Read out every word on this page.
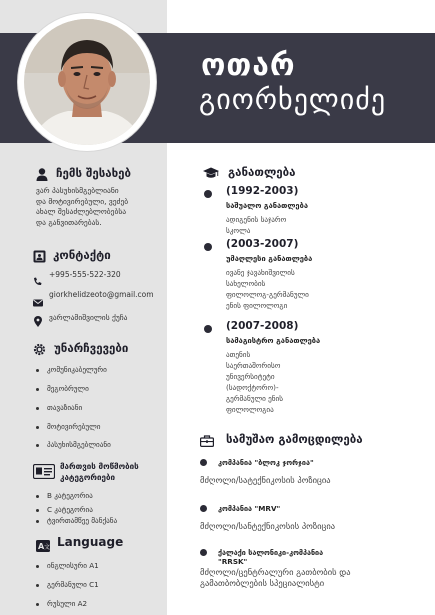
ოთარ
გიორხელიძე
ჩემს შესახებ
ვარ პასუხისმგებლიანი
და მოტივირებული, ვეძებ
ახალ შესაძლებლობებსა
და განვითარებას.
კონტაქტი
+995-555-522-320
giorkhelidzeoto@gmail.com
ვარლამიშვილის ქუჩა
უნარჩვევები
კომუნიკაბელური
მეგობრული
თავაზიანი
მოტივირებული
პასუხისმგებლიანი
მართვის მოწმობის
კატეგორიები
B კატეგორია
C კატეგორია
ტვირთამწეე მანქანა
A 文 Language
ინგლისური A1
გერმანული C1
რუსული A2
განათლება
(1992-2003)
საშუალო განათლება
ადიგენის საჯარო
სკოლა
(2003-2007)
უმაღლესი განათლება
ივანე ჯავახიშვილის
სახელობის
ფილოლოგ-გერმანული
ენის ფილოლოგი
(2007-2008)
სამაგისტრო განათლება
ათენის
საერთაშორისო
უნივერსიტეტი
(სადოქტორო)-
გერმანული ენის
ფილოლოგია
სამუშაო გამოცდილება
კომპანია "ბლოკ ჯორჯია"
მძღოლი/სატექნიკოსის პოზიცია
კომპანია "MRV"
მძღოლი/სანტექნიკოსის პოზიცია
ქალაქი სალონიკი-კომპანია
"RRSK"
მძღოლი/ცენტრალური გათბობის და
გამათბობლების სპეციალისტი
